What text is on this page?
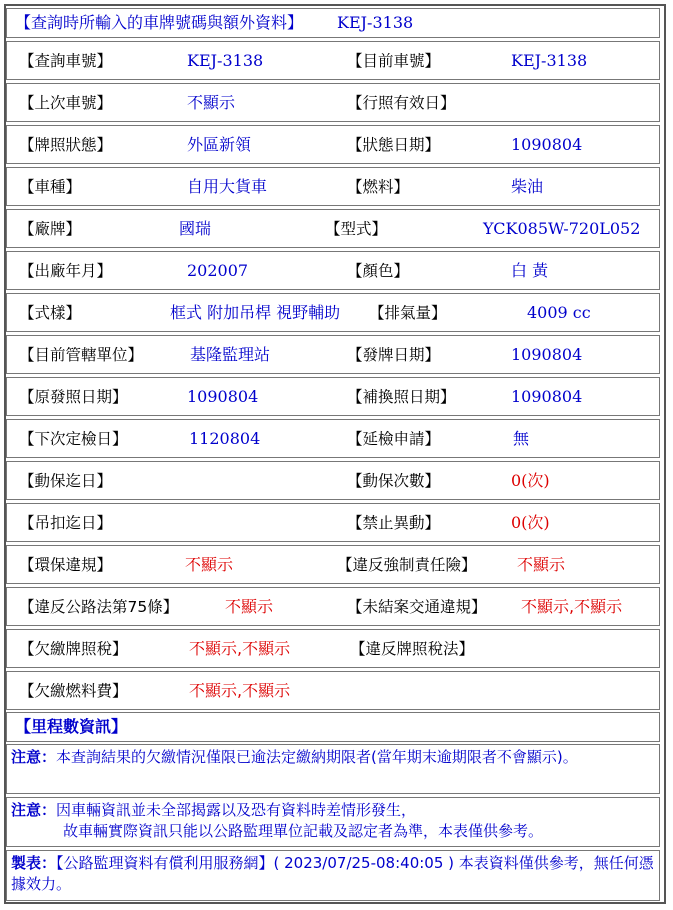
【查詢時所輸入的車牌號碼與額外資料】 KEJ-3138
【查詢車號】	KEJ-3138	【目前車號】	KEJ-3138
【上次車號】	不顯示	【行照有效日】
【牌照狀態】	外區新領	【狀態日期】	1090804
【車種】	自用大貨車	【燃料】	柴油
【廠牌】	國瑞	【型式】	YCK085W-720L052
【出廠年月】	202007	【顏色】	白 黃
【式樣】	框式 附加吊桿 視野輔助 【排氣量】	4009 cc
【目前管轄單位】	基隆監理站	【發牌日期】	1090804
【原發照日期】	1090804	【補換照日期】	1090804
【下次定檢日】	1120804	【延檢申請】	無
【動保迄日】	【動保次數】	0(次)
【吊扣迄日】	【禁止異動】	0(次)
【環保違規】	不顯示	【違反強制責任險】	不顯示
【違反公路法第75條】	不顯示	【未結案交通違規】 不顯示,不顯示
【欠繳牌照稅】	不顯示,不顯示	【違反牌照稅法】
【欠繳燃料費】	不顯示,不顯示
【里程數資訊】
注意：本查詢結果的欠繳情況僅限已逾法定繳納期限者(當年期末逾期限者不會顯示)。
注意：因車輛資訊並未全部揭露以及恐有資料時差情形發生，
故車輛實際資訊只能以公路監理單位記載及認定者為準，本表僅供參考。
製表：【公路監理資料有償利用服務網】( 2023/07/25-08:40:05 ) 本表資料僅供參考，無任何憑據效力。
